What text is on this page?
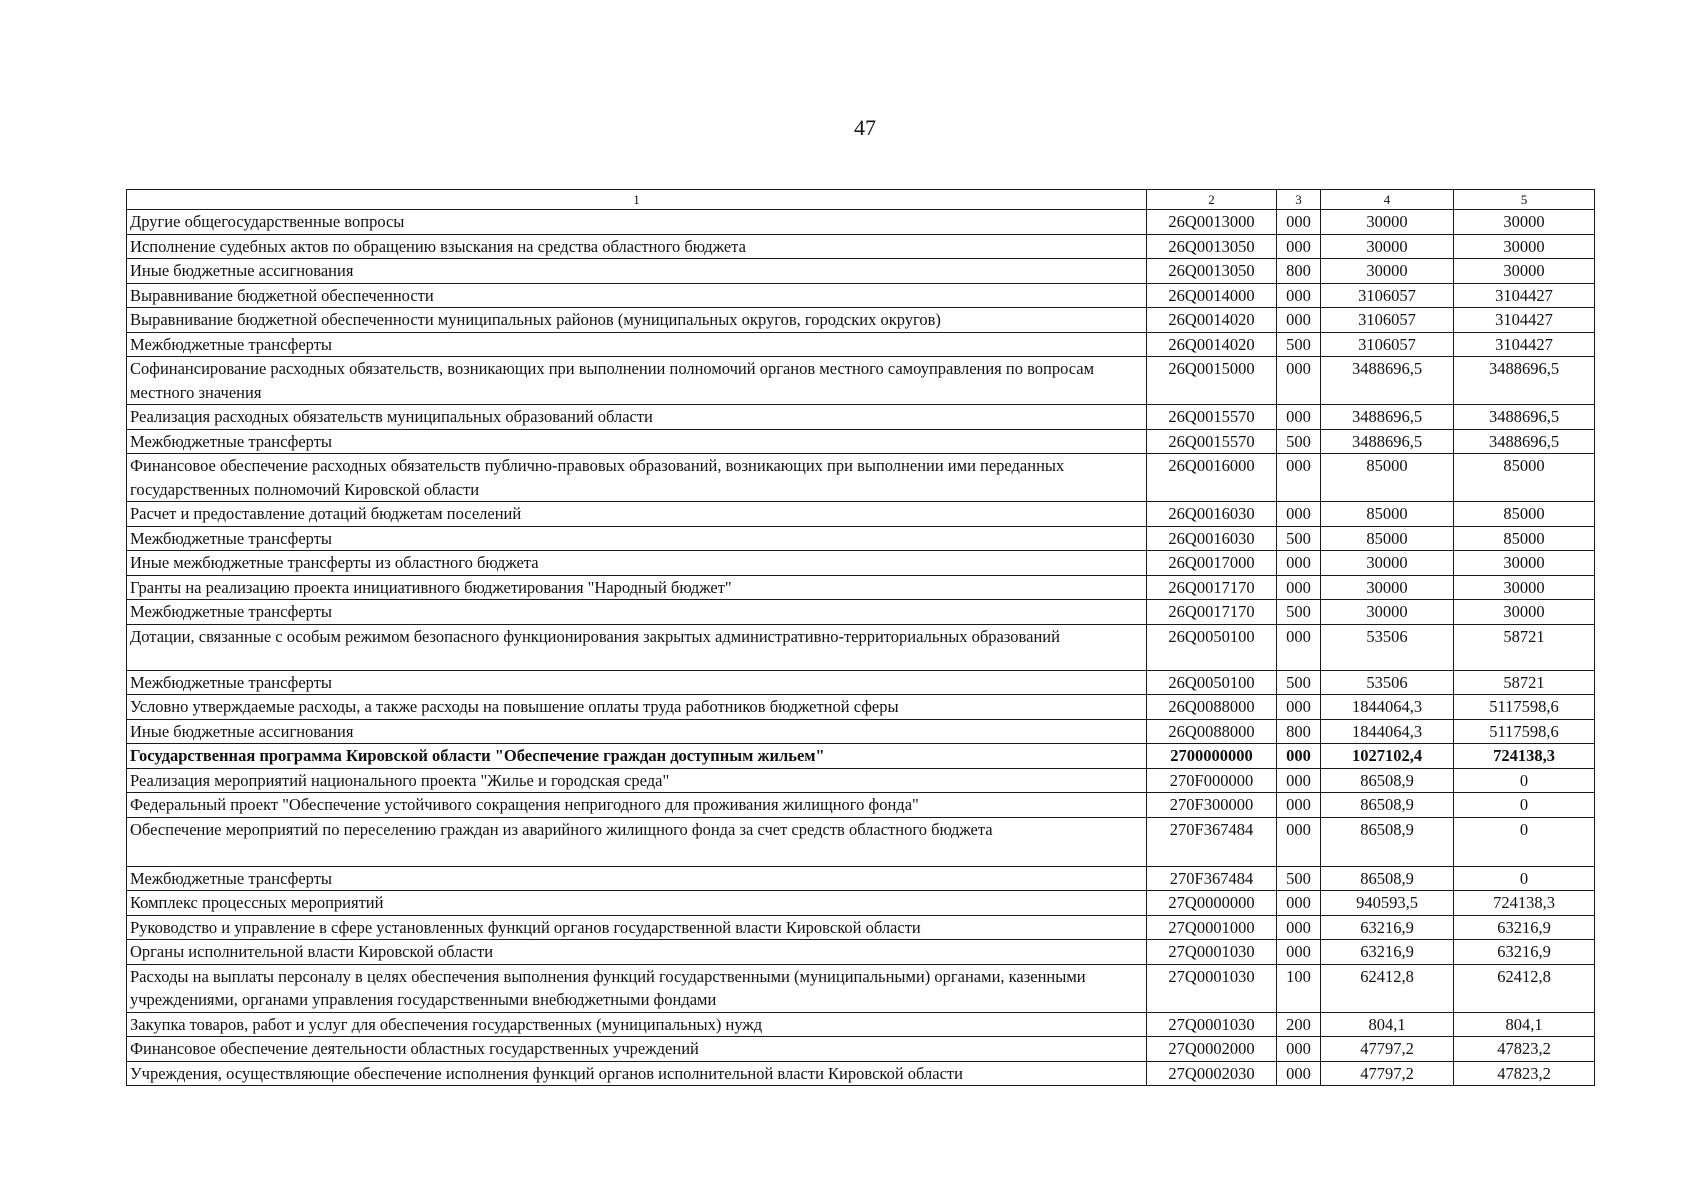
47
1	2	3	4	5
Другие общегосударственные вопросы	26Q0013000	000	30000	30000
Исполнение судебных актов по обращению взыскания на средства областного бюджета	26Q0013050	000	30000	30000
Иные бюджетные ассигнования	26Q0013050	800	30000	30000
Выравнивание бюджетной обеспеченности	26Q0014000	000	3106057	3104427
Выравнивание бюджетной обеспеченности муниципальных районов (муниципальных округов, городских округов)	26Q0014020	000	3106057	3104427
Межбюджетные трансферты	26Q0014020	500	3106057	3104427
Софинансирование расходных обязательств, возникающих при выполнении полномочий органов местного самоуправления по вопросам местного значения	26Q0015000	000	3488696,5	3488696,5
Реализация расходных обязательств муниципальных образований области	26Q0015570	000	3488696,5	3488696,5
Межбюджетные трансферты	26Q0015570	500	3488696,5	3488696,5
Финансовое обеспечение расходных обязательств публично-правовых образований, возникающих при выполнении ими переданных государственных полномочий Кировской области	26Q0016000	000	85000	85000
Расчет и предоставление дотаций бюджетам поселений	26Q0016030	000	85000	85000
Межбюджетные трансферты	26Q0016030	500	85000	85000
Иные межбюджетные трансферты из областного бюджета	26Q0017000	000	30000	30000
Гранты на реализацию проекта инициативного бюджетирования "Народный бюджет"	26Q0017170	000	30000	30000
Межбюджетные трансферты	26Q0017170	500	30000	30000
Дотации, связанные с особым режимом безопасного функционирования закрытых административно-территориальных образований	26Q0050100	000	53506	58721
Межбюджетные трансферты	26Q0050100	500	53506	58721
Условно утверждаемые расходы, а также расходы на повышение оплаты труда работников бюджетной сферы	26Q0088000	000	1844064,3	5117598,6
Иные бюджетные ассигнования	26Q0088000	800	1844064,3	5117598,6
Государственная программа Кировской области "Обеспечение граждан доступным жильем"	2700000000	000	1027102,4	724138,3
Реализация мероприятий национального проекта "Жилье и городская среда"	270F000000	000	86508,9	0
Федеральный проект "Обеспечение устойчивого сокращения непригодного для проживания жилищного фонда"	270F300000	000	86508,9	0
Обеспечение мероприятий по переселению граждан из аварийного жилищного фонда за счет средств областного бюджета	270F367484	000	86508,9	0
Межбюджетные трансферты	270F367484	500	86508,9	0
Комплекс процессных мероприятий	27Q0000000	000	940593,5	724138,3
Руководство и управление в сфере установленных функций органов государственной власти Кировской области	27Q0001000	000	63216,9	63216,9
Органы исполнительной власти Кировской области	27Q0001030	000	63216,9	63216,9
Расходы на выплаты персоналу в целях обеспечения выполнения функций государственными (муниципальными) органами, казенными учреждениями, органами управления государственными внебюджетными фондами	27Q0001030	100	62412,8	62412,8
Закупка товаров, работ и услуг для обеспечения государственных (муниципальных) нужд	27Q0001030	200	804,1	804,1
Финансовое обеспечение деятельности областных государственных учреждений	27Q0002000	000	47797,2	47823,2
Учреждения, осуществляющие обеспечение исполнения функций органов исполнительной власти Кировской области	27Q0002030	000	47797,2	47823,2
